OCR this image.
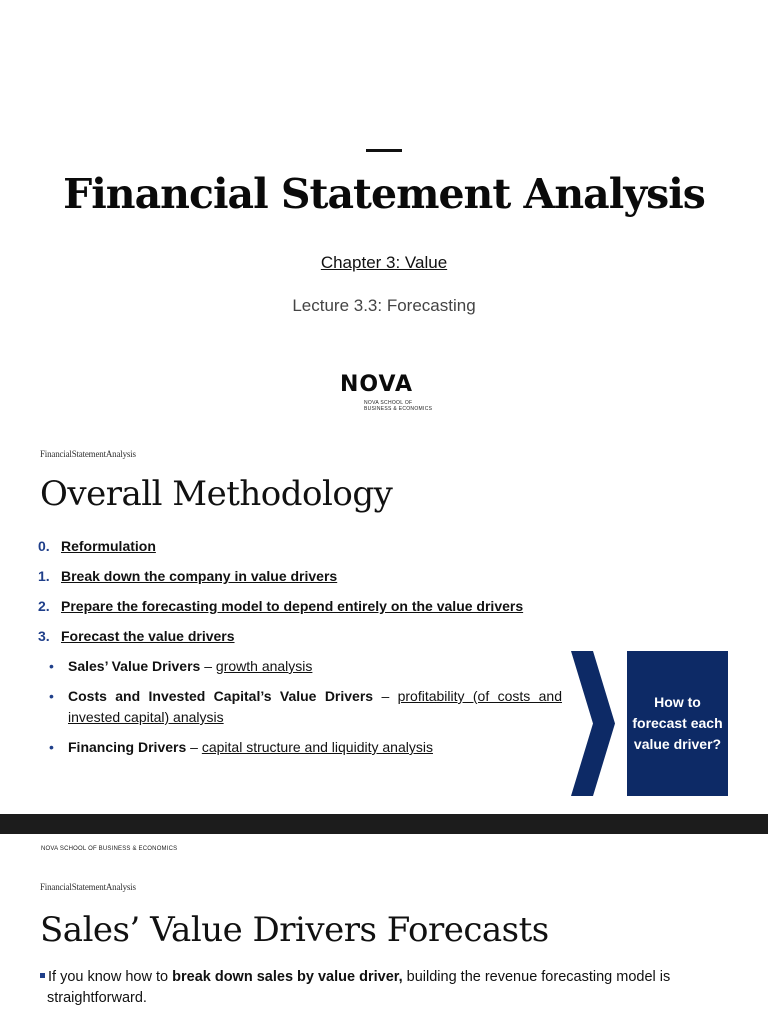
Financial Statement Analysis
Chapter 3: Value
Lecture 3.3: Forecasting
NOVA
NOVA SCHOOL OF
BUSINESS & ECONOMICS
FinancialStatementAnalysis
Overall Methodology
0. Reformulation
1. Break down the company in value drivers
2. Prepare the forecasting model to depend entirely on the value drivers
3. Forecast the value drivers
• Sales’ Value Drivers – growth analysis
• Costs and Invested Capital’s Value Drivers – profitability (of costs and invested capital) analysis
• Financing Drivers – capital structure and liquidity analysis
How to forecast each value driver?
NOVA SCHOOL OF BUSINESS & ECONOMICS
FinancialStatementAnalysis
Sales’ Value Drivers Forecasts
If you know how to break down sales by value driver, building the revenue forecasting model is
straightforward.
